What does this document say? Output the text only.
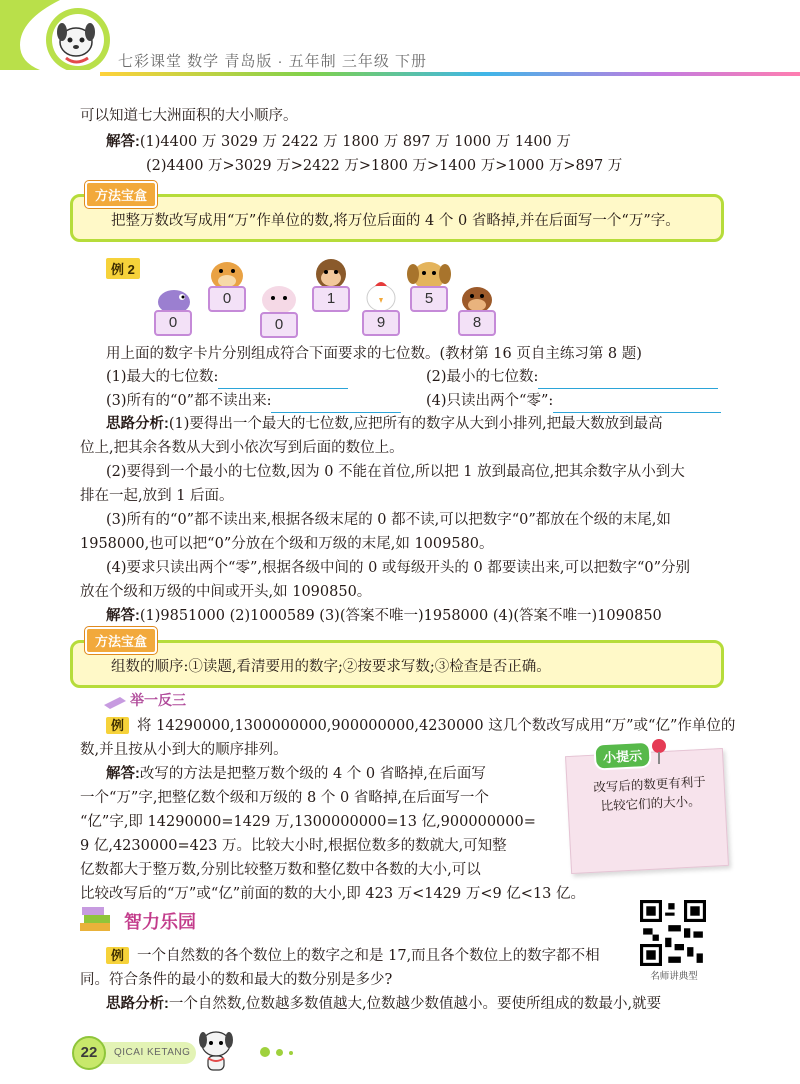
七彩课堂 数学 青岛版 · 五年制 三年级 下册
可以知道七大洲面积的大小顺序。
解答:(1)4400 万 3029 万 2422 万 1800 万 897 万 1000 万 1400 万
(2)4400 万>3029 万>2422 万>1800 万>1400 万>1000 万>897 万
方法宝盒
把整万数改写成用“万”作单位的数,将万位后面的 4 个 0 省略掉,并在后面写一个“万”字。
例 2
0
0
0
1
9
5
8
用上面的数字卡片分别组成符合下面要求的七位数。(教材第 16 页自主练习第 8 题)
(1)最大的七位数:	(2)最小的七位数:
(3)所有的“0”都不读出来:	(4)只读出两个“零”:
思路分析:(1)要得出一个最大的七位数,应把所有的数字从大到小排列,把最大数放到最高
位上,把其余各数从大到小依次写到后面的数位上。
(2)要得到一个最小的七位数,因为 0 不能在首位,所以把 1 放到最高位,把其余数字从小到大
排在一起,放到 1 后面。
(3)所有的“0”都不读出来,根据各级末尾的 0 都不读,可以把数字“0”都放在个级的末尾,如
1958000,也可以把“0”分放在个级和万级的末尾,如 1009580。
(4)要求只读出两个“零”,根据各级中间的 0 或每级开头的 0 都要读出来,可以把数字“0”分别
放在个级和万级的中间或开头,如 1090850。
解答:(1)9851000 (2)1000589 (3)(答案不唯一)1958000 (4)(答案不唯一)1090850
方法宝盒
组数的顺序:①读题,看清要用的数字;②按要求写数;③检查是否正确。
举一反三
例 将 14290000,1300000000,900000000,4230000 这几个数改写成用“万”或“亿”作单位的
数,并且按从小到大的顺序排列。
解答:改写的方法是把整万数个级的 4 个 0 省略掉,在后面写
一个“万”字,把整亿数个级和万级的 8 个 0 省略掉,在后面写一个
“亿”字,即 14290000=1429 万,1300000000=13 亿,900000000=
9 亿,4230000=423 万。比较大小时,根据位数多的数就大,可知整
亿数都大于整万数,分别比较整万数和整亿数中各数的大小,可以
比较改写后的“万”或“亿”前面的数的大小,即 423 万<1429 万<9 亿<13 亿。
小提示
改写后的数更有利于比较它们的大小。
智力乐园
例 一个自然数的各个数位上的数字之和是 17,而且各个数位上的数字都不相
同。符合条件的最小的数和最大的数分别是多少?
思路分析:一个自然数,位数越多数值越大,位数越少数值越小。要使所组成的数最小,就要
名师讲典型
QICAI KETANG
22
